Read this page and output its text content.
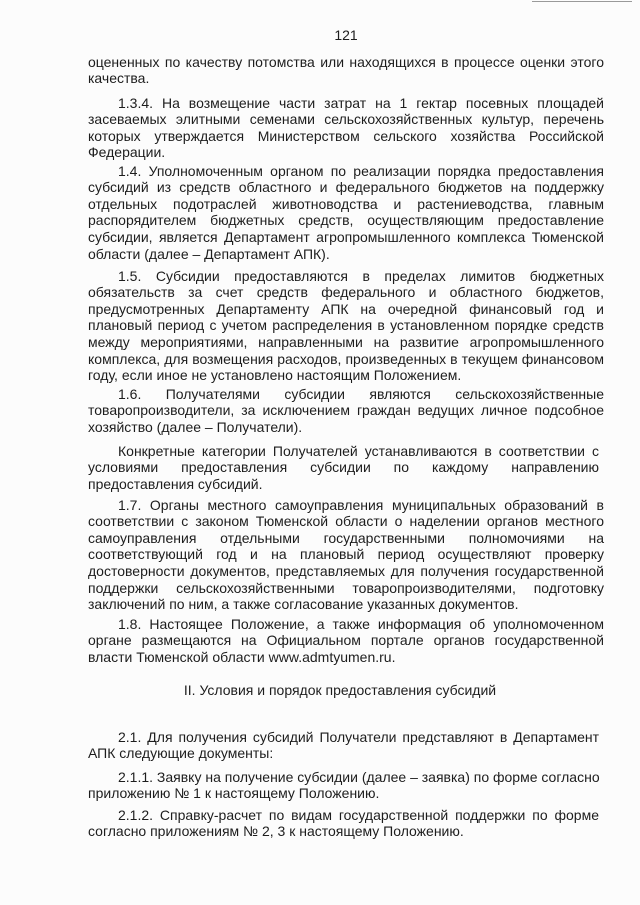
121
оцененных по качеству потомства или находящихся в процессе оценки этого
качества.
1.3.4. На возмещение части затрат на 1 гектар посевных площадей
засеваемых элитными семенами сельскохозяйственных культур, перечень
которых утверждается Министерством сельского хозяйства Российской
Федерации.
1.4. Уполномоченным органом по реализации порядка предоставления
субсидий из средств областного и федерального бюджетов на поддержку
отдельных подотраслей животноводства и растениеводства, главным
распорядителем бюджетных средств, осуществляющим предоставление
субсидии, является Департамент агропромышленного комплекса Тюменской
области (далее – Департамент АПК).
1.5. Субсидии предоставляются в пределах лимитов бюджетных
обязательств за счет средств федерального и областного бюджетов,
предусмотренных Департаменту АПК на очередной финансовый год и
плановый период с учетом распределения в установленном порядке средств
между мероприятиями, направленными на развитие агропромышленного
комплекса, для возмещения расходов, произведенных в текущем финансовом
году, если иное не установлено настоящим Положением.
1.6. Получателями субсидии являются сельскохозяйственные
товаропроизводители, за исключением граждан ведущих личное подсобное
хозяйство (далее – Получатели).
Конкретные категории Получателей устанавливаются в соответствии с
условиями предоставления субсидии по каждому направлению
предоставления субсидий.
1.7. Органы местного самоуправления муниципальных образований в
соответствии с законом Тюменской области о наделении органов местного
самоуправления отдельными государственными полномочиями на
соответствующий год и на плановый период осуществляют проверку
достоверности документов, представляемых для получения государственной
поддержки сельскохозяйственными товаропроизводителями, подготовку
заключений по ним, а также согласование указанных документов.
1.8. Настоящее Положение, а также информация об уполномоченном
органе размещаются на Официальном портале органов государственной
власти Тюменской области www.admtyumen.ru.
II. Условия и порядок предоставления субсидий
2.1. Для получения субсидий Получатели представляют в Департамент
АПК следующие документы:
2.1.1. Заявку на получение субсидии (далее – заявка) по форме согласно
приложению № 1 к настоящему Положению.
2.1.2. Справку-расчет по видам государственной поддержки по форме
согласно приложениям № 2, 3 к настоящему Положению.
